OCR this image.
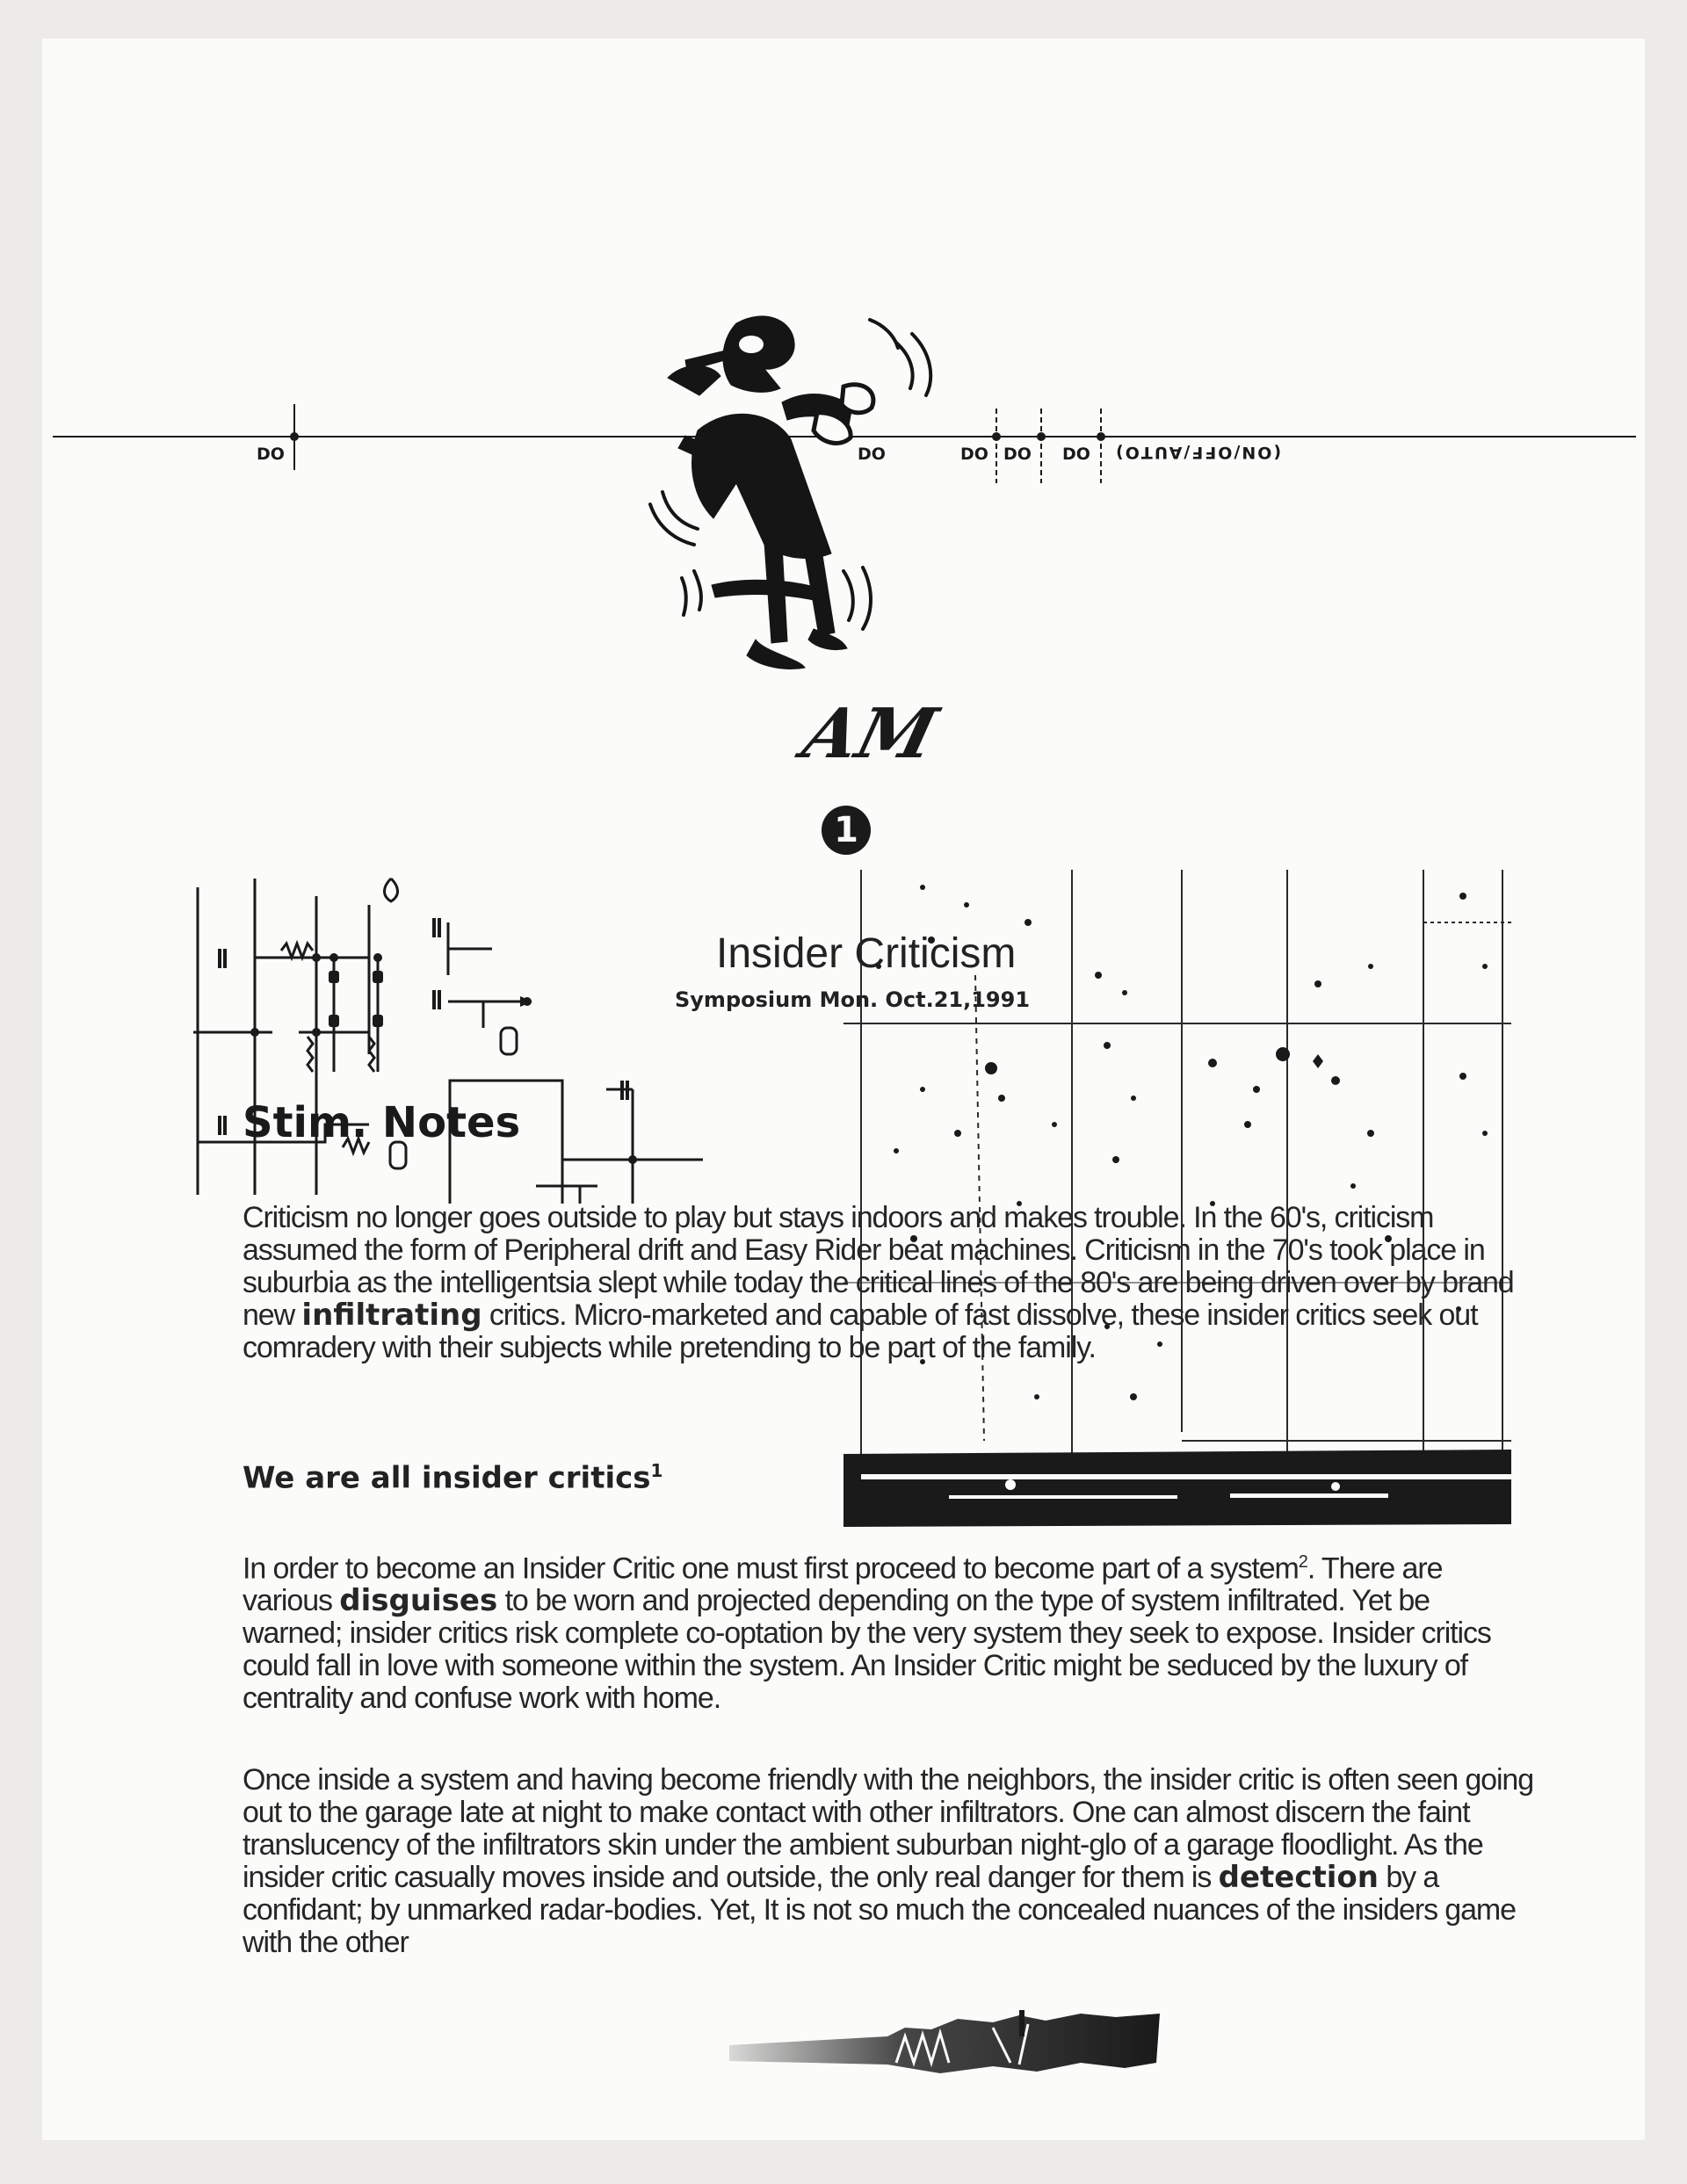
DO	DO	DO DO DO (ON/OFF/AUTO)
AM
1
Insider Criticism
Symposium Mon. Oct.21,1991
Stim. Notes

Criticism no longer goes outside to play but stays indoors and makes trouble. In the 60's, criticism assumed the form of Peripheral drift and Easy Rider beat machines. Criticism in the 70's took place in suburbia as the intelligentsia slept while today the critical lines of the 80's are being driven over by brand new infiltrating critics. Micro-marketed and capable of fast dissolve, these insider critics seek out comradery with their subjects while pretending to be part of the family.

We are all insider critics$^1$

In order to become an Insider Critic one must first proceed to become part of a system$^2$. There are various disguises to be worn and projected depending on the type of system infiltrated. Yet be warned; insider critics risk complete co-optation by the very system they seek to expose. Insider critics could fall in love with someone within the system. An Insider Critic might be seduced by the luxury of centrality and confuse work with home.

Once inside a system and having become friendly with the neighbors, the insider critic is often seen going out to the garage late at night to make contact with other infiltrators. One can almost discern the faint translucency of the infiltrators skin under the ambient suburban night-glo of a garage floodlight. As the insider critic casually moves inside and outside, the only real danger for them is detection by a confidant; by unmarked radar-bodies. Yet, It is not so much the concealed nuances of the insiders game with the other
